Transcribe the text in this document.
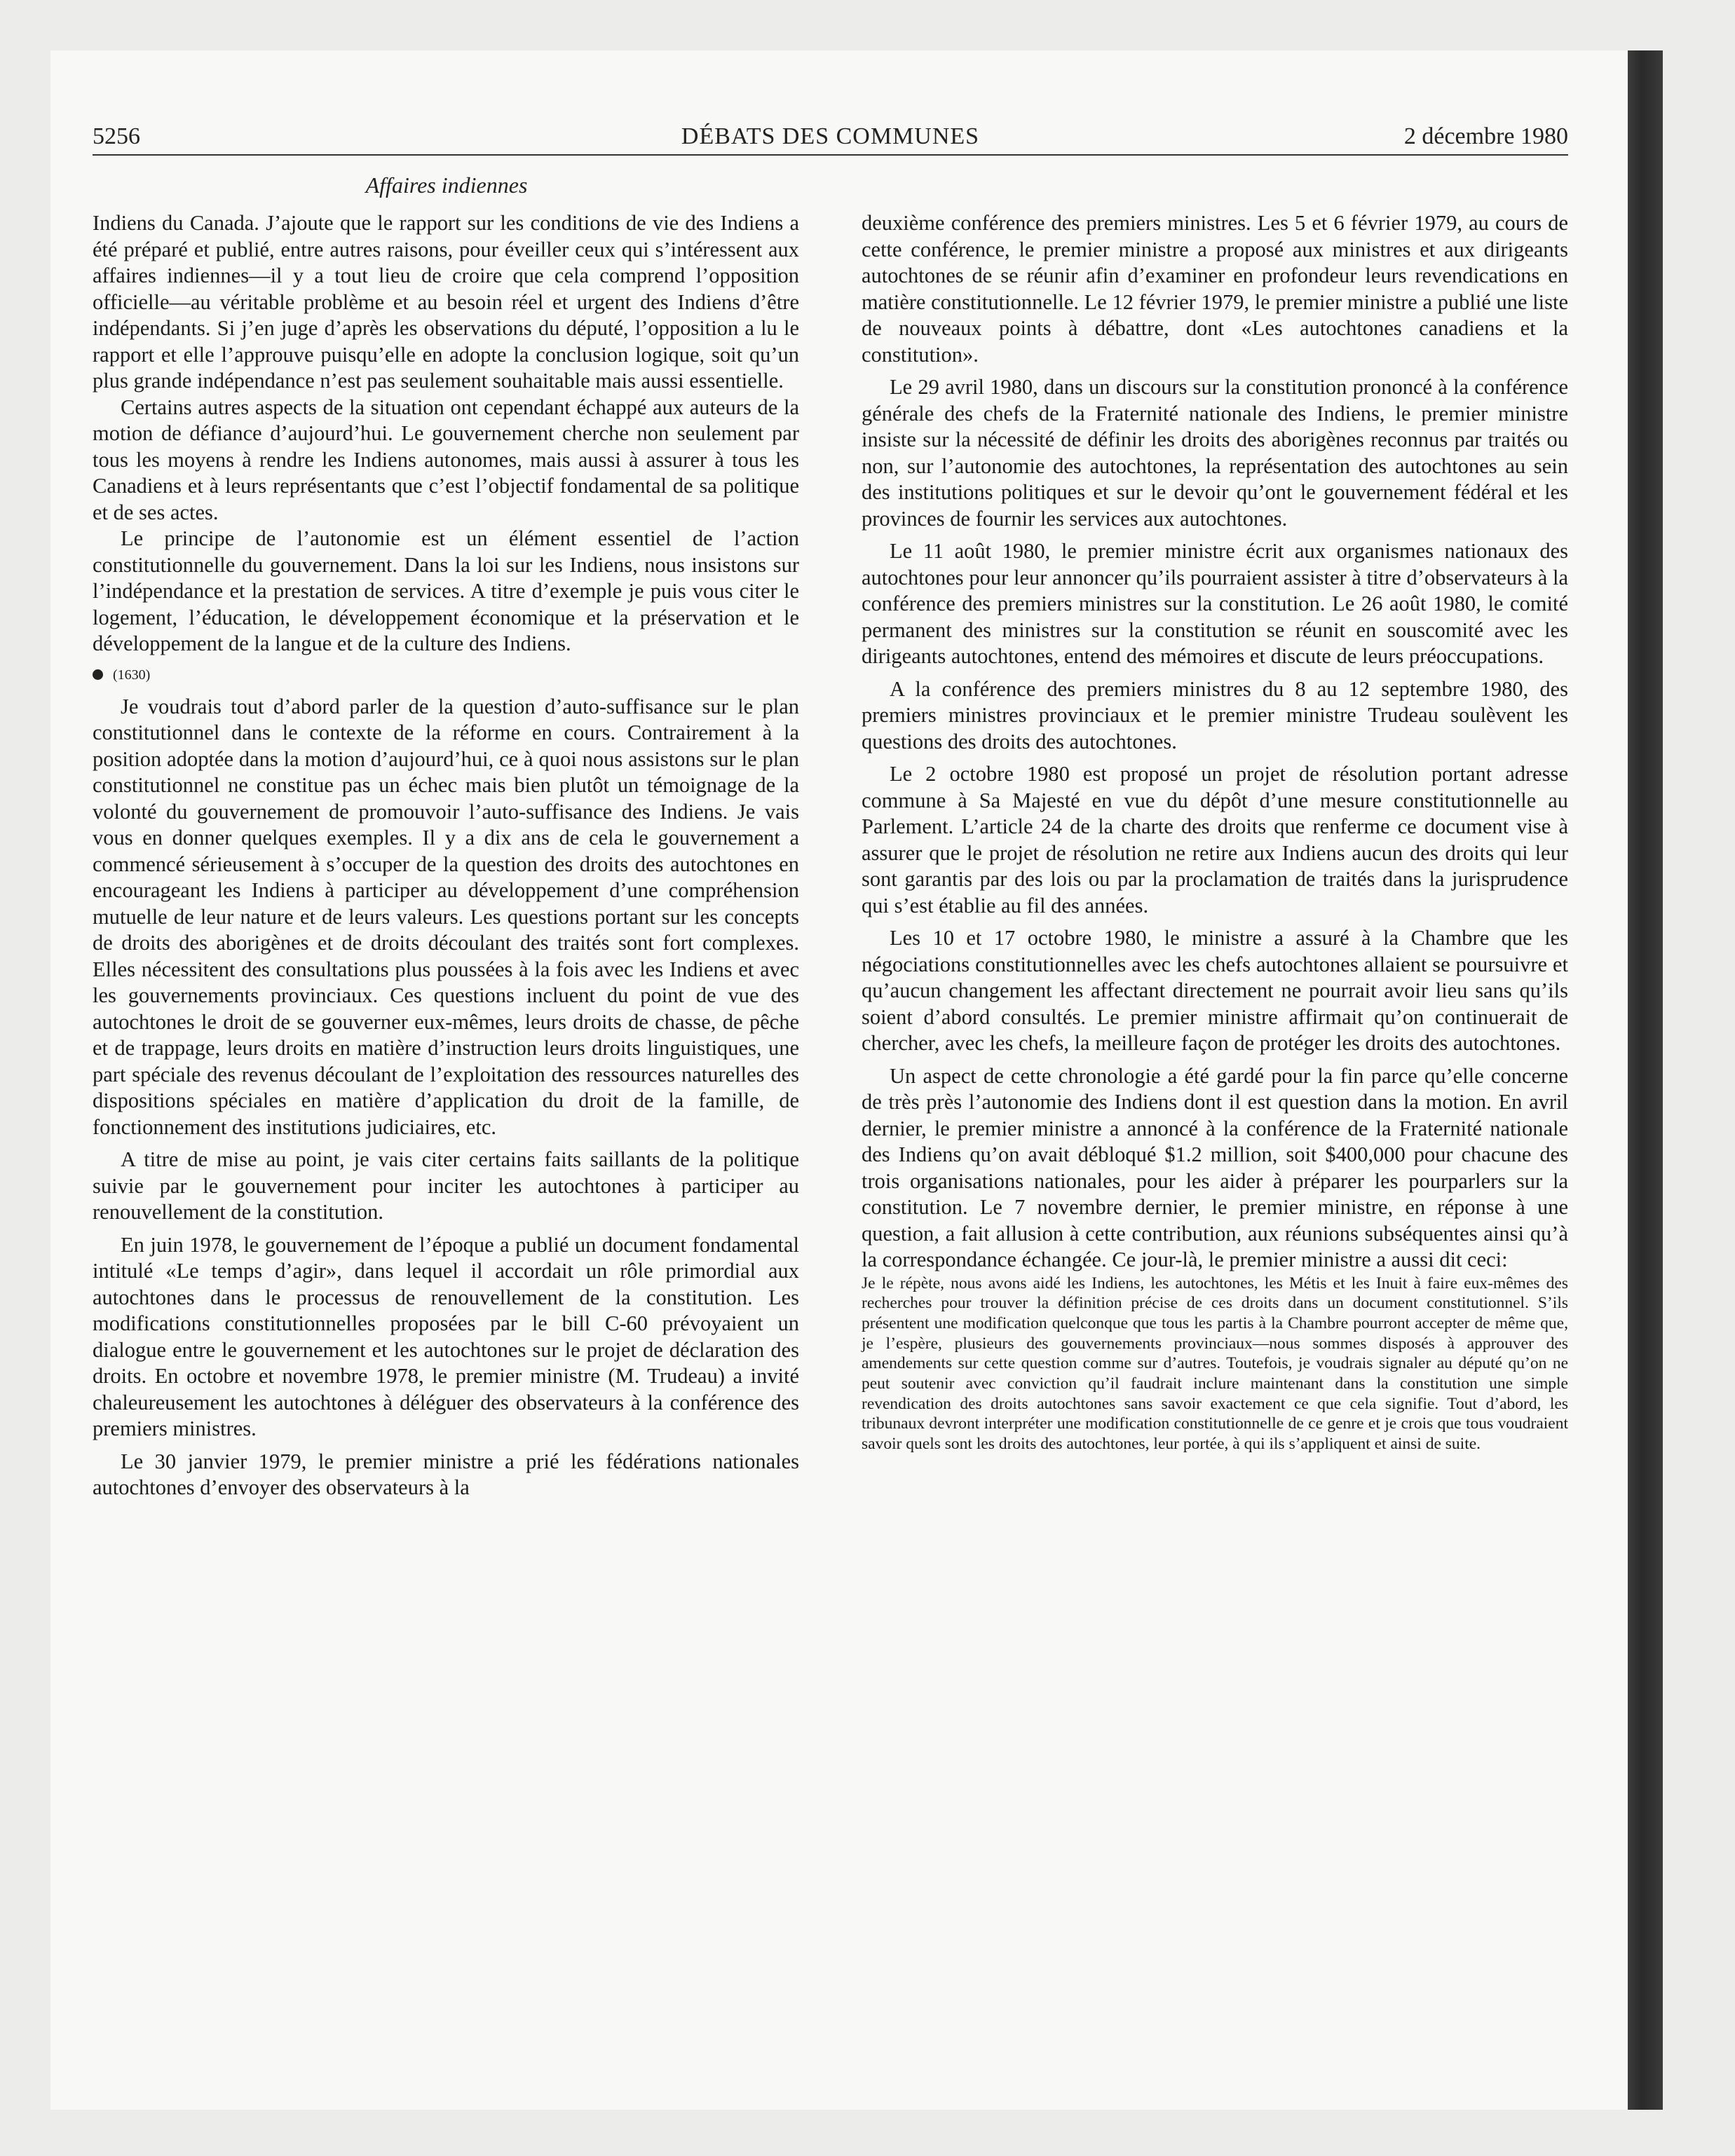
5256	DÉBATS DES COMMUNES	2 décembre 1980
Affaires indiennes

Indiens du Canada. J’ajoute que le rapport sur les conditions de vie des Indiens a été préparé et publié, entre autres raisons, pour éveiller ceux qui s’intéressent aux affaires indiennes—il y a tout lieu de croire que cela comprend l’opposition officielle—au véritable problème et au besoin réel et urgent des Indiens d’être indépendants. Si j’en juge d’après les observations du député, l’opposition a lu le rapport et elle l’approuve puisqu’elle en adopte la conclusion logique, soit qu’un plus grande indépendance n’est pas seulement souhaitable mais aussi essentielle.

Certains autres aspects de la situation ont cependant échappé aux auteurs de la motion de défiance d’aujourd’hui. Le gouvernement cherche non seulement par tous les moyens à rendre les Indiens autonomes, mais aussi à assurer à tous les Canadiens et à leurs représentants que c’est l’objectif fondamental de sa politique et de ses actes.

Le principe de l’autonomie est un élément essentiel de l’action constitutionnelle du gouvernement. Dans la loi sur les Indiens, nous insistons sur l’indépendance et la prestation de services. A titre d’exemple je puis vous citer le logement, l’éducation, le développement économique et la préservation et le développement de la langue et de la culture des Indiens.

(1630)

Je voudrais tout d’abord parler de la question d’auto-suffisance sur le plan constitutionnel dans le contexte de la réforme en cours. Contrairement à la position adoptée dans la motion d’aujourd’hui, ce à quoi nous assistons sur le plan constitutionnel ne constitue pas un échec mais bien plutôt un témoignage de la volonté du gouvernement de promouvoir l’auto-suffisance des Indiens. Je vais vous en donner quelques exemples. Il y a dix ans de cela le gouvernement a commencé sérieusement à s’occuper de la question des droits des autochtones en encourageant les Indiens à participer au développement d’une compréhension mutuelle de leur nature et de leurs valeurs. Les questions portant sur les concepts de droits des aborigènes et de droits découlant des traités sont fort complexes. Elles nécessitent des consultations plus poussées à la fois avec les Indiens et avec les gouvernements provinciaux. Ces questions incluent du point de vue des autochtones le droit de se gouverner eux-mêmes, leurs droits de chasse, de pêche et de trappage, leurs droits en matière d’instruction leurs droits linguistiques, une part spéciale des revenus découlant de l’exploitation des ressources naturelles des dispositions spéciales en matière d’application du droit de la famille, de fonctionnement des institutions judiciaires, etc.

A titre de mise au point, je vais citer certains faits saillants de la politique suivie par le gouvernement pour inciter les autochtones à participer au renouvellement de la constitution.

En juin 1978, le gouvernement de l’époque a publié un document fondamental intitulé «Le temps d’agir», dans lequel il accordait un rôle primordial aux autochtones dans le processus de renouvellement de la constitution. Les modifications constitutionnelles proposées par le bill C-60 prévoyaient un dialogue entre le gouvernement et les autochtones sur le projet de déclaration des droits. En octobre et novembre 1978, le premier ministre (M. Trudeau) a invité chaleureusement les autochtones à déléguer des observateurs à la conférence des premiers ministres.

Le 30 janvier 1979, le premier ministre a prié les fédérations nationales autochtones d’envoyer des observateurs à la

deuxième conférence des premiers ministres. Les 5 et 6 février 1979, au cours de cette conférence, le premier ministre a proposé aux ministres et aux dirigeants autochtones de se réunir afin d’examiner en profondeur leurs revendications en matière constitutionnelle. Le 12 février 1979, le premier ministre a publié une liste de nouveaux points à débattre, dont «Les autochtones canadiens et la constitution».

Le 29 avril 1980, dans un discours sur la constitution prononcé à la conférence générale des chefs de la Fraternité nationale des Indiens, le premier ministre insiste sur la nécessité de définir les droits des aborigènes reconnus par traités ou non, sur l’autonomie des autochtones, la représentation des autochtones au sein des institutions politiques et sur le devoir qu’ont le gouvernement fédéral et les provinces de fournir les services aux autochtones.

Le 11 août 1980, le premier ministre écrit aux organismes nationaux des autochtones pour leur annoncer qu’ils pourraient assister à titre d’observateurs à la conférence des premiers ministres sur la constitution. Le 26 août 1980, le comité permanent des ministres sur la constitution se réunit en souscomité avec les dirigeants autochtones, entend des mémoires et discute de leurs préoccupations.

A la conférence des premiers ministres du 8 au 12 septembre 1980, des premiers ministres provinciaux et le premier ministre Trudeau soulèvent les questions des droits des autochtones.

Le 2 octobre 1980 est proposé un projet de résolution portant adresse commune à Sa Majesté en vue du dépôt d’une mesure constitutionnelle au Parlement. L’article 24 de la charte des droits que renferme ce document vise à assurer que le projet de résolution ne retire aux Indiens aucun des droits qui leur sont garantis par des lois ou par la proclamation de traités dans la jurisprudence qui s’est établie au fil des années.

Les 10 et 17 octobre 1980, le ministre a assuré à la Chambre que les négociations constitutionnelles avec les chefs autochtones allaient se poursuivre et qu’aucun changement les affectant directement ne pourrait avoir lieu sans qu’ils soient d’abord consultés. Le premier ministre affirmait qu’on continuerait de chercher, avec les chefs, la meilleure façon de protéger les droits des autochtones.

Un aspect de cette chronologie a été gardé pour la fin parce qu’elle concerne de très près l’autonomie des Indiens dont il est question dans la motion. En avril dernier, le premier ministre a annoncé à la conférence de la Fraternité nationale des Indiens qu’on avait débloqué $1.2 million, soit $400,000 pour chacune des trois organisations nationales, pour les aider à préparer les pourparlers sur la constitution. Le 7 novembre dernier, le premier ministre, en réponse à une question, a fait allusion à cette contribution, aux réunions subséquentes ainsi qu’à la correspondance échangée. Ce jour-là, le premier ministre a aussi dit ceci:

Je le répète, nous avons aidé les Indiens, les autochtones, les Métis et les Inuit à faire eux-mêmes des recherches pour trouver la définition précise de ces droits dans un document constitutionnel. S’ils présentent une modification quelconque que tous les partis à la Chambre pourront accepter de même que, je l’espère, plusieurs des gouvernements provinciaux—nous sommes disposés à approuver des amendements sur cette question comme sur d’autres. Toutefois, je voudrais signaler au député qu’on ne peut soutenir avec conviction qu’il faudrait inclure maintenant dans la constitution une simple revendication des droits autochtones sans savoir exactement ce que cela signifie. Tout d’abord, les tribunaux devront interpréter une modification constitutionnelle de ce genre et je crois que tous voudraient savoir quels sont les droits des autochtones, leur portée, à qui ils s’appliquent et ainsi de suite.
